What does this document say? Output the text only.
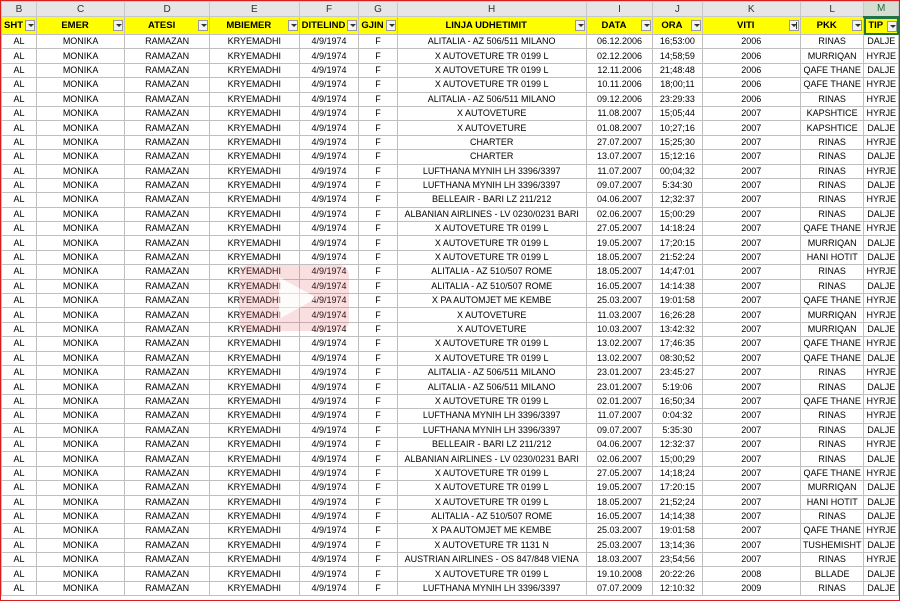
B	C	D	E	F	G	H	I	J	K	L	M
SHT	EMER	ATESI	MBIEMER	DITELIND	GJIN	LINJA UDHETIMIT	DATA	ORA	VITI	PKK	TIP

AL	MONIKA	RAMAZAN	KRYEMADHI	4/9/1974	F	ALITALIA - AZ 506/511 MILANO	06.12.2006	16;53:00	2006	RINAS	DALJE
AL	MONIKA	RAMAZAN	KRYEMADHI	4/9/1974	F	X AUTOVETURE TR 0199 L	02.12.2006	14;58;59	2006	MURRIQAN	HYRJE
AL	MONIKA	RAMAZAN	KRYEMADHI	4/9/1974	F	X AUTOVETURE TR 0199 L	12.11.2006	21;48:48	2006	QAFE THANE	DALJE
AL	MONIKA	RAMAZAN	KRYEMADHI	4/9/1974	F	X AUTOVETURE TR 0199 L	10.11.2006	18;00;11	2006	QAFE THANE	HYRJE
AL	MONIKA	RAMAZAN	KRYEMADHI	4/9/1974	F	ALITALIA - AZ 506/511 MILANO	09.12.2006	23:29:33	2006	RINAS	HYRJE
AL	MONIKA	RAMAZAN	KRYEMADHI	4/9/1974	F	X AUTOVETURE	11.08.2007	15;05;44	2007	KAPSHTICE	HYRJE
AL	MONIKA	RAMAZAN	KRYEMADHI	4/9/1974	F	X AUTOVETURE	01.08.2007	10;27;16	2007	KAPSHTICE	DALJE
AL	MONIKA	RAMAZAN	KRYEMADHI	4/9/1974	F	CHARTER	27.07.2007	15;25;30	2007	RINAS	HYRJE
AL	MONIKA	RAMAZAN	KRYEMADHI	4/9/1974	F	CHARTER	13.07.2007	15;12:16	2007	RINAS	DALJE
AL	MONIKA	RAMAZAN	KRYEMADHI	4/9/1974	F	LUFTHANA MYNIH LH 3396/3397	11.07.2007	00;04;32	2007	RINAS	HYRJE
AL	MONIKA	RAMAZAN	KRYEMADHI	4/9/1974	F	LUFTHANA MYNIH LH 3396/3397	09.07.2007	5:34:30	2007	RINAS	DALJE
AL	MONIKA	RAMAZAN	KRYEMADHI	4/9/1974	F	BELLEAIR - BARI LZ 211/212	04.06.2007	12;32:37	2007	RINAS	HYRJE
AL	MONIKA	RAMAZAN	KRYEMADHI	4/9/1974	F	ALBANIAN AIRLINES - LV 0230/0231 BARI	02.06.2007	15;00:29	2007	RINAS	DALJE
AL	MONIKA	RAMAZAN	KRYEMADHI	4/9/1974	F	X AUTOVETURE TR 0199 L	27.05.2007	14:18:24	2007	QAFE THANE	HYRJE
AL	MONIKA	RAMAZAN	KRYEMADHI	4/9/1974	F	X AUTOVETURE TR 0199 L	19.05.2007	17;20:15	2007	MURRIQAN	DALJE
AL	MONIKA	RAMAZAN	KRYEMADHI	4/9/1974	F	X AUTOVETURE TR 0199 L	18.05.2007	21:52:24	2007	HANI HOTIT	DALJE
AL	MONIKA	RAMAZAN	KRYEMADHI	4/9/1974	F	ALITALIA - AZ 510/507 ROME	18.05.2007	14;47:01	2007	RINAS	HYRJE
AL	MONIKA	RAMAZAN	KRYEMADHI	4/9/1974	F	ALITALIA - AZ 510/507 ROME	16.05.2007	14:14:38	2007	RINAS	DALJE
AL	MONIKA	RAMAZAN	KRYEMADHI	4/9/1974	F	X PA AUTOMJET ME KEMBE	25.03.2007	19:01:58	2007	QAFE THANE	HYRJE
AL	MONIKA	RAMAZAN	KRYEMADHI	4/9/1974	F	X AUTOVETURE	11.03.2007	16;26:28	2007	MURRIQAN	HYRJE
AL	MONIKA	RAMAZAN	KRYEMADHI	4/9/1974	F	X AUTOVETURE	10.03.2007	13:42:32	2007	MURRIQAN	DALJE
AL	MONIKA	RAMAZAN	KRYEMADHI	4/9/1974	F	X AUTOVETURE TR 0199 L	13.02.2007	17;46:35	2007	QAFE THANE	HYRJE
AL	MONIKA	RAMAZAN	KRYEMADHI	4/9/1974	F	X AUTOVETURE TR 0199 L	13.02.2007	08:30;52	2007	QAFE THANE	DALJE
AL	MONIKA	RAMAZAN	KRYEMADHI	4/9/1974	F	ALITALIA - AZ 506/511 MILANO	23.01.2007	23:45:27	2007	RINAS	HYRJE
AL	MONIKA	RAMAZAN	KRYEMADHI	4/9/1974	F	ALITALIA - AZ 506/511 MILANO	23.01.2007	5:19:06	2007	RINAS	DALJE
AL	MONIKA	RAMAZAN	KRYEMADHI	4/9/1974	F	X AUTOVETURE TR 0199 L	02.01.2007	16;50;34	2007	QAFE THANE	HYRJE
AL	MONIKA	RAMAZAN	KRYEMADHI	4/9/1974	F	LUFTHANA MYNIH LH 3396/3397	11.07.2007	0:04:32	2007	RINAS	HYRJE
AL	MONIKA	RAMAZAN	KRYEMADHI	4/9/1974	F	LUFTHANA MYNIH LH 3396/3397	09.07.2007	5:35:30	2007	RINAS	DALJE
AL	MONIKA	RAMAZAN	KRYEMADHI	4/9/1974	F	BELLEAIR - BARI LZ 211/212	04.06.2007	12:32:37	2007	RINAS	HYRJE
AL	MONIKA	RAMAZAN	KRYEMADHI	4/9/1974	F	ALBANIAN AIRLINES - LV 0230/0231 BARI	02.06.2007	15;00;29	2007	RINAS	DALJE
AL	MONIKA	RAMAZAN	KRYEMADHI	4/9/1974	F	X AUTOVETURE TR 0199 L	27.05.2007	14;18;24	2007	QAFE THANE	HYRJE
AL	MONIKA	RAMAZAN	KRYEMADHI	4/9/1974	F	X AUTOVETURE TR 0199 L	19.05.2007	17:20:15	2007	MURRIQAN	DALJE
AL	MONIKA	RAMAZAN	KRYEMADHI	4/9/1974	F	X AUTOVETURE TR 0199 L	18.05.2007	21;52;24	2007	HANI HOTIT	DALJE
AL	MONIKA	RAMAZAN	KRYEMADHI	4/9/1974	F	ALITALIA - AZ 510/507 ROME	16.05.2007	14;14;38	2007	RINAS	DALJE
AL	MONIKA	RAMAZAN	KRYEMADHI	4/9/1974	F	X PA AUTOMJET ME KEMBE	25.03.2007	19:01:58	2007	QAFE THANE	HYRJE
AL	MONIKA	RAMAZAN	KRYEMADHI	4/9/1974	F	X AUTOVETURE TR 1131 N	25.03.2007	13;14;36	2007	TUSHEMISHT	DALJE
AL	MONIKA	RAMAZAN	KRYEMADHI	4/9/1974	F	AUSTRIAN AIRLINES - OS 847/848 VIENA	18.03.2007	23;54;56	2007	RINAS	HYRJE
AL	MONIKA	RAMAZAN	KRYEMADHI	4/9/1974	F	X AUTOVETURE TR 0199 L	19.10.2008	20:22:26	2008	BLLADE	DALJE
AL	MONIKA	RAMAZAN	KRYEMADHI	4/9/1974	F	LUFTHANA MYNIH LH 3396/3397	07.07.2009	12:10:32	2009	RINAS	DALJE
